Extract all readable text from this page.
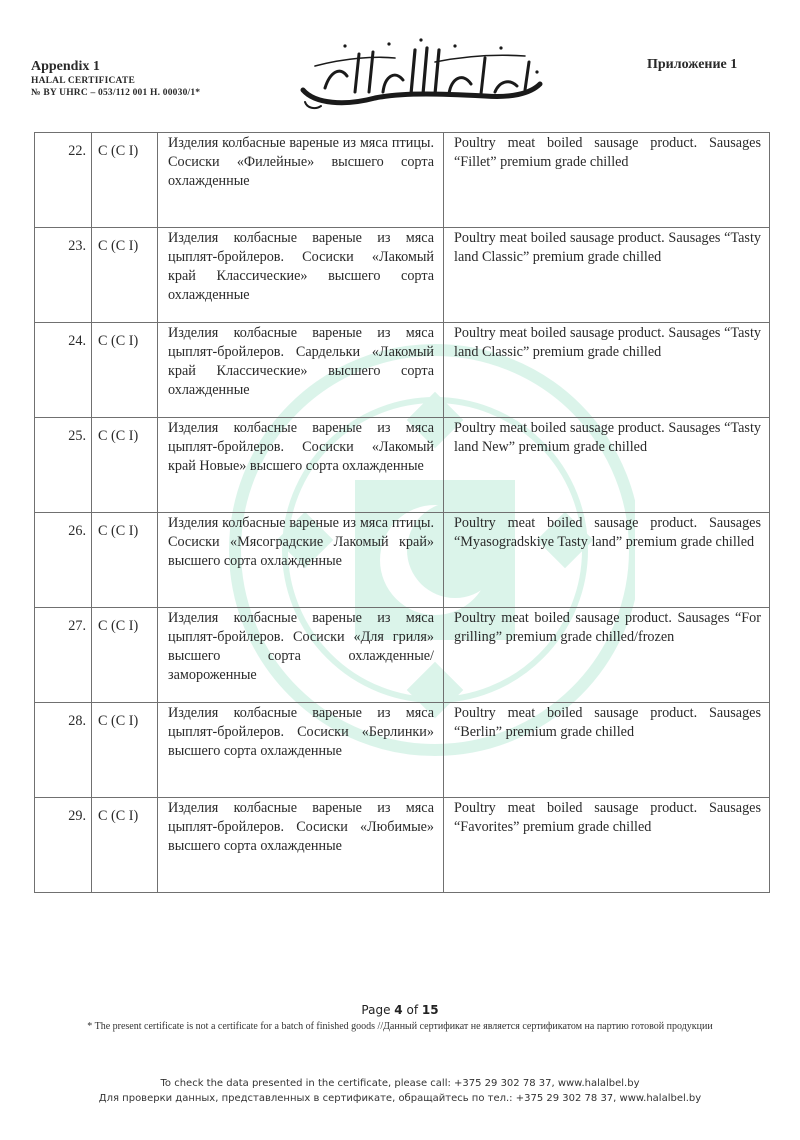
Appendix 1
HALAL CERTIFICATE
№ BY UHRC – 053/112 001 H. 00030/1*
Приложение 1
22.	C (C I)	Изделия колбасные вареные из мяса птицы. Сосиски «Филейные» высшего сорта охлажденные	Poultry meat boiled sausage product. Sausages “Fillet” premium grade chilled
23.	C (C I)	Изделия колбасные вареные из мяса цыплят-бройлеров. Сосиски «Лакомый край Классические» высшего сорта охлажденные	Poultry meat boiled sausage product. Sausages “Tasty land Classic” premium grade chilled
24.	C (C I)	Изделия колбасные вареные из мяса цыплят-бройлеров. Сардельки «Лакомый край Классические» высшего сорта охлажденные	Poultry meat boiled sausage product. Sausages “Tasty land Classic” premium grade chilled
25.	C (C I)	Изделия колбасные вареные из мяса цыплят-бройлеров. Сосиски «Лакомый край Новые» высшего сорта охлажденные	Poultry meat boiled sausage product. Sausages “Tasty land New” premium grade chilled
26.	C (C I)	Изделия колбасные вареные из мяса птицы. Сосиски «Мясоградские Лакомый край» высшего сорта охлажденные	Poultry meat boiled sausage product. Sausages “Myasogradskiye Tasty land” premium grade chilled
27.	C (C I)	Изделия колбасные вареные из мяса цыплят-бройлеров. Сосиски «Для гриля» высшего сорта охлажденные/замороженные	Poultry meat boiled sausage product. Sausages “For grilling” premium grade chilled/frozen
28.	C (C I)	Изделия колбасные вареные из мяса цыплят-бройлеров. Сосиски «Берлинки» высшего сорта охлажденные	Poultry meat boiled sausage product. Sausages “Berlin” premium grade chilled
29.	C (C I)	Изделия колбасные вареные из мяса цыплят-бройлеров. Сосиски «Любимые» высшего сорта охлажденные	Poultry meat boiled sausage product. Sausages “Favorites” premium grade chilled
Page 4 of 15
* The present certificate is not a certificate for a batch of finished goods //Данный сертификат не является сертификатом на партию готовой продукции
To check the data presented in the certificate, please call: +375 29 302 78 37, www.halalbel.by
Для проверки данных, представленных в сертификате, обращайтесь по тел.: +375 29 302 78 37, www.halalbel.by
